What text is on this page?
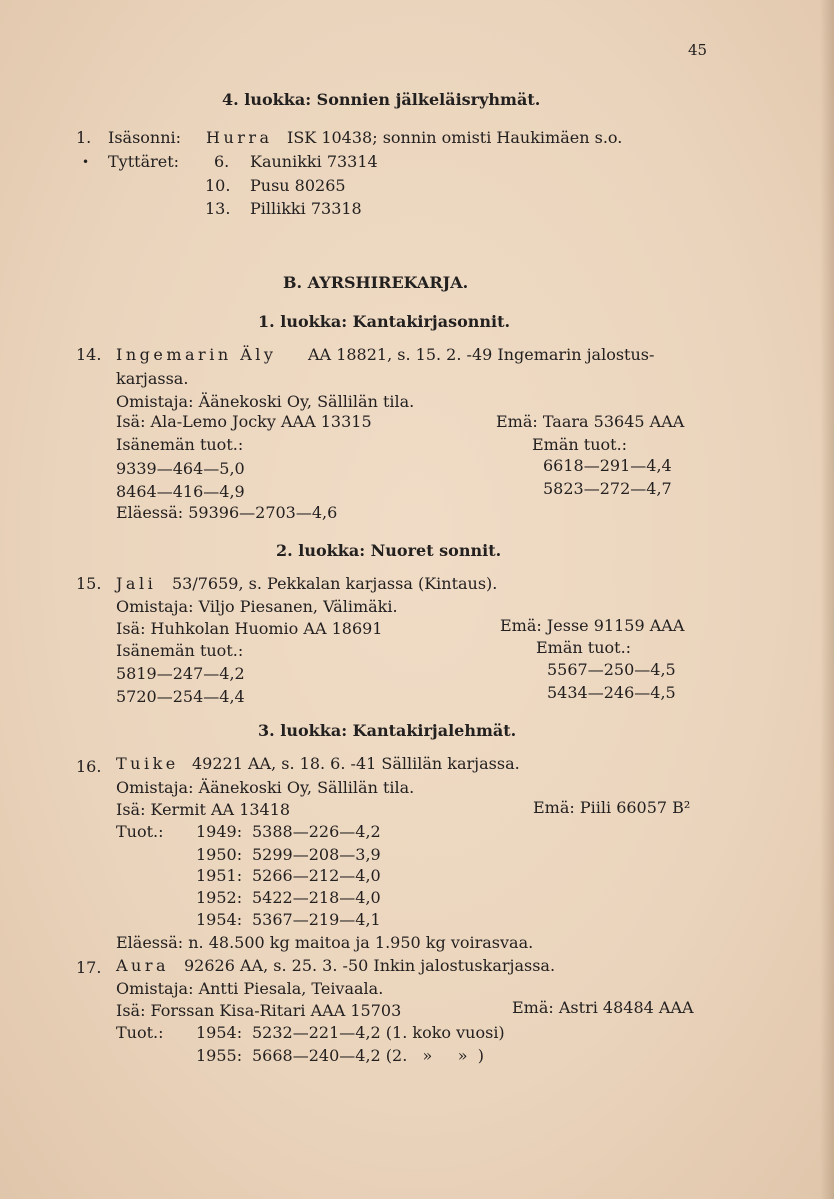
45
4. luokka: Sonnien jälkeläisryhmät.
1. Isäsonni: Hurra ISK 10438; sonnin omisti Haukimäen s.o.
• Tyttäret: 6. Kaunikki 73314
10. Pusu 80265
13. Pillikki 73318
B. AYRSHIREKARJA.
1. luokka: Kantakirjasonnit.
14. Ingemarin Äly AA 18821, s. 15. 2. -49 Ingemarin jalostus-
karjassa.
Omistaja: Äänekoski Oy, Sällilän tila.
Isä: Ala-Lemo Jocky AAA 13315	Emä: Taara 53645 AAA
Isänemän tuot.:	Emän tuot.:
9339—464—5,0	6618—291—4,4
8464—416—4,9	5823—272—4,7
Eläessä: 59396—2703—4,6
2. luokka: Nuoret sonnit.
15. Jali 53/7659, s. Pekkalan karjassa (Kintaus).
Omistaja: Viljo Piesanen, Välimäki.
Isä: Huhkolan Huomio AA 18691	Emä: Jesse 91159 AAA
Isänemän tuot.:	Emän tuot.:
5819—247—4,2	5567—250—4,5
5720—254—4,4	5434—246—4,5
3. luokka: Kantakirjalehmät.
16. Tuike 49221 AA, s. 18. 6. -41 Sällilän karjassa.
Omistaja: Äänekoski Oy, Sällilän tila.
Isä: Kermit AA 13418	Emä: Piili 66057 B²
Tuot.: 1949: 5388—226—4,2
1950: 5299—208—3,9
1951: 5266—212—4,0
1952: 5422—218—4,0
1954: 5367—219—4,1
Eläessä: n. 48.500 kg maitoa ja 1.950 kg voirasvaa.
17. Aura 92626 AA, s. 25. 3. -50 Inkin jalostuskarjassa.
Omistaja: Antti Piesala, Teivaala.
Isä: Forssan Kisa-Ritari AAA 15703	Emä: Astri 48484 AAA
Tuot.: 1954: 5232—221—4,2 (1. koko vuosi)
1955: 5668—240—4,2 (2.   »     »  )
